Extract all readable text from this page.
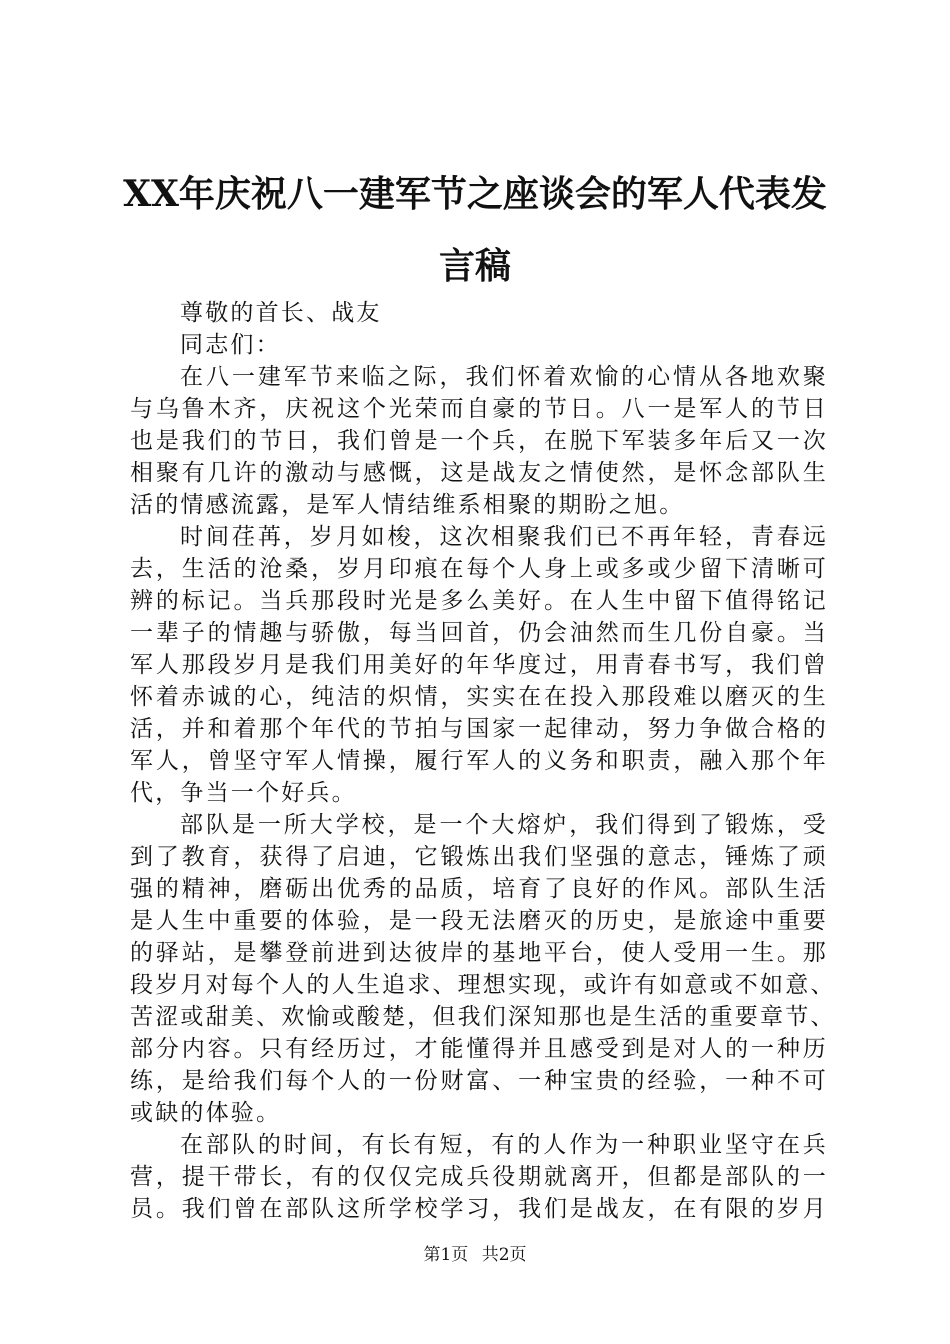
XX年庆祝八一建军节之座谈会的军人代表发
言稿
尊敬的首长、战友
同志们：
在八一建军节来临之际，我们怀着欢愉的心情从各地欢聚
与乌鲁木齐，庆祝这个光荣而自豪的节日。八一是军人的节日
也是我们的节日，我们曾是一个兵，在脱下军装多年后又一次
相聚有几许的激动与感慨，这是战友之情使然，是怀念部队生
活的情感流露，是军人情结维系相聚的期盼之旭。
时间荏苒，岁月如梭，这次相聚我们已不再年轻，青春远
去，生活的沧桑，岁月印痕在每个人身上或多或少留下清晰可
辨的标记。当兵那段时光是多么美好。在人生中留下值得铭记
一辈子的情趣与骄傲，每当回首，仍会油然而生几份自豪。当
军人那段岁月是我们用美好的年华度过，用青春书写，我们曾
怀着赤诚的心，纯洁的炽情，实实在在投入那段难以磨灭的生
活，并和着那个年代的节拍与国家一起律动，努力争做合格的
军人，曾坚守军人情操，履行军人的义务和职责，融入那个年
代，争当一个好兵。
部队是一所大学校，是一个大熔炉，我们得到了锻炼，受
到了教育，获得了启迪，它锻炼出我们坚强的意志，锤炼了顽
强的精神，磨砺出优秀的品质，培育了良好的作风。部队生活
是人生中重要的体验，是一段无法磨灭的历史，是旅途中重要
的驿站，是攀登前进到达彼岸的基地平台，使人受用一生。那
段岁月对每个人的人生追求、理想实现，或许有如意或不如意、
苦涩或甜美、欢愉或酸楚，但我们深知那也是生活的重要章节、
部分内容。只有经历过，才能懂得并且感受到是对人的一种历
练，是给我们每个人的一份财富、一种宝贵的经验，一种不可
或缺的体验。
在部队的时间，有长有短，有的人作为一种职业坚守在兵
营，提干带长，有的仅仅完成兵役期就离开，但都是部队的一
员。我们曾在部队这所学校学习，我们是战友，在有限的岁月
第1页 共2页
